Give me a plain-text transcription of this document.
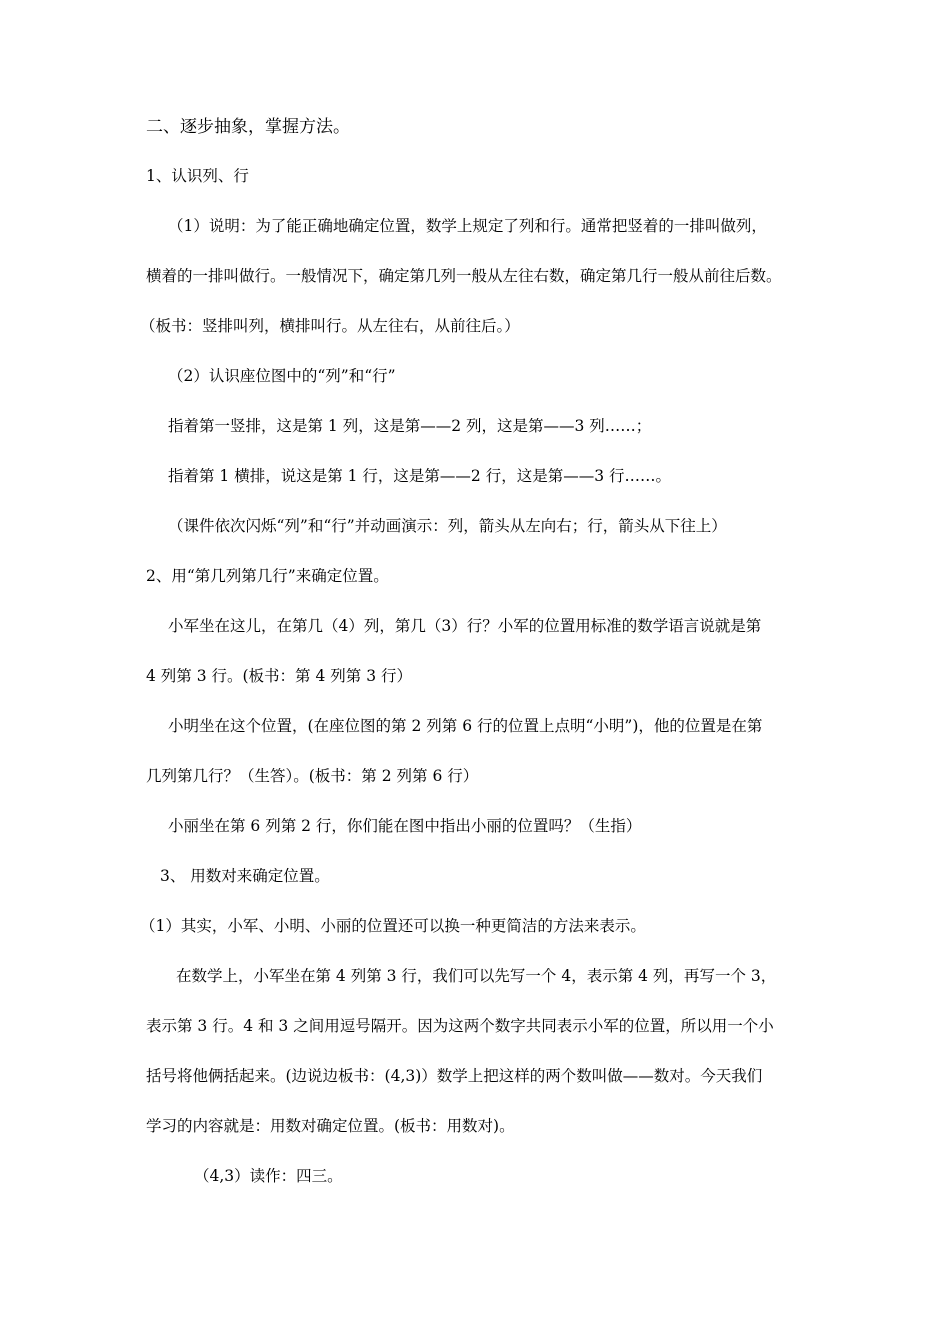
二、逐步抽象，掌握方法。
1、认识列、行
（1）说明：为了能正确地确定位置，数学上规定了列和行。通常把竖着的一排叫做列，
横着的一排叫做行。一般情况下，确定第几列一般从左往右数，确定第几行一般从前往后数。
（板书：竖排叫列，横排叫行。从左往右，从前往后。）
（2）认识座位图中的“列”和“行”
指着第一竖排，这是第 1 列，这是第——2 列，这是第——3 列……；
指着第 1 横排，说这是第 1 行，这是第——2 行，这是第——3 行……。
（课件依次闪烁“列”和“行”并动画演示：列，箭头从左向右；行，箭头从下往上）
2、用“第几列第几行”来确定位置。
小军坐在这儿，在第几（4）列，第几（3）行？小军的位置用标准的数学语言说就是第
4 列第 3 行。(板书：第 4 列第 3 行）
小明坐在这个位置，(在座位图的第 2 列第 6 行的位置上点明“小明”)，他的位置是在第
几列第几行？（生答）。(板书：第 2 列第 6 行）
小丽坐在第 6 列第 2 行，你们能在图中指出小丽的位置吗？（生指）
3、 用数对来确定位置。
（1）其实，小军、小明、小丽的位置还可以换一种更简洁的方法来表示。
在数学上，小军坐在第 4 列第 3 行，我们可以先写一个 4，表示第 4 列，再写一个 3，
表示第 3 行。4 和 3 之间用逗号隔开。因为这两个数字共同表示小军的位置，所以用一个小
括号将他俩括起来。(边说边板书：(4,3)）数学上把这样的两个数叫做——数对。今天我们
学习的内容就是：用数对确定位置。(板书：用数对)。
（4,3）读作：四三。
